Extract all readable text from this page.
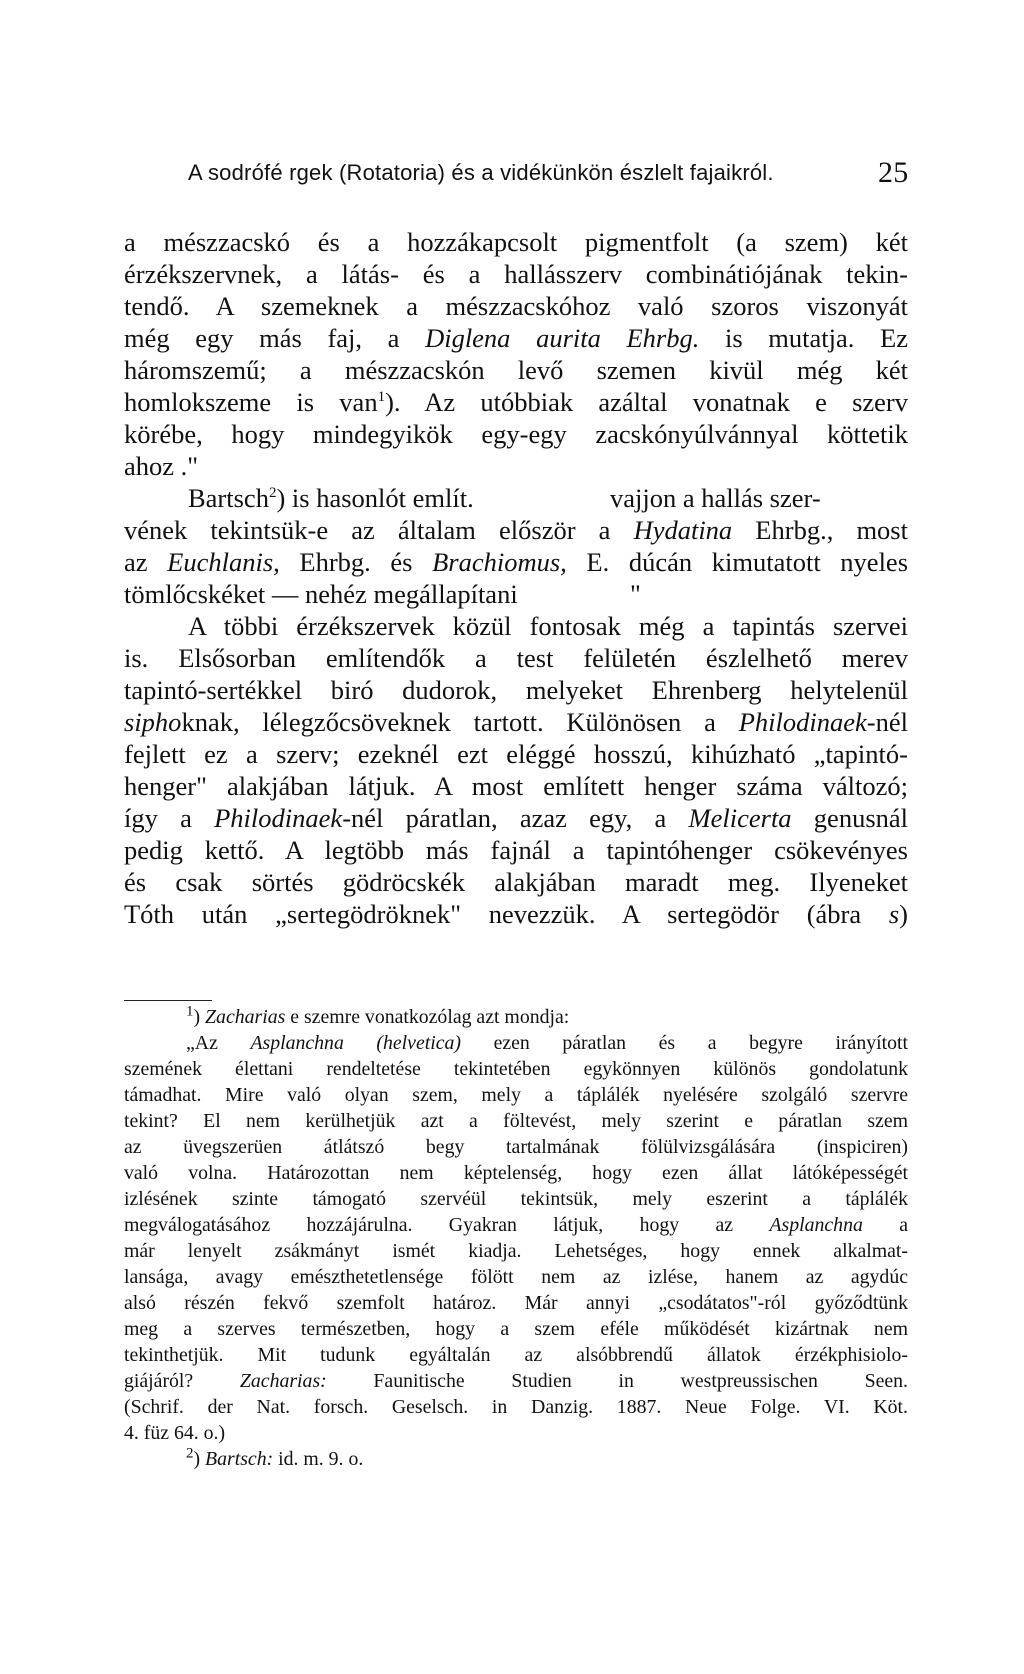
A sodrófé rgek (Rotatoria) és a vidékünkön észlelt fajaikról.	25
a mészzacskó és a hozzákapcsolt pigmentfolt (a szem) két
érzékszervnek, a látás- és a hallásszerv combinátiójának tekin-
tendő. A szemeknek a mészzacskóhoz való szoros viszonyát
még egy más faj, a Diglena aurita Ehrbg. is mutatja. Ez
háromszemű; a mészzacskón levő szemen kivül még két
homlokszeme is van$^1$). Az utóbbiak azáltal vonatnak e szerv
körébe, hogy mindegyikök egy-egy zacskónyúlvánnyal köttetik
ahoz ."
Bartsch$^2$) is hasonlót említ.	vajjon a hallás szer-
vének tekintsük-e az általam először a Hydatina Ehrbg., most
az Euchlanis, Ehrbg. és Brachiomus, E. dúcán kimutatott nyeles
tömlőcskéket — nehéz megállapítani	"
A többi érzékszervek közül fontosak még a tapintás szervei
is. Elsősorban említendők a test felületén észlelhető merev
tapintó-sertékkel biró dudorok, melyeket Ehrenberg helytelenül
siphoknak, lélegzőcsöveknek tartott. Különösen a Philodinaek-nél
fejlett ez a szerv; ezeknél ezt eléggé hosszú, kihúzható „tapintó-
henger" alakjában látjuk. A most említett henger száma változó;
így a Philodinaek-nél páratlan, azaz egy, a Melicerta genusnál
pedig kettő. A legtöbb más fajnál a tapintóhenger csökevényes
és csak sörtés gödröcskék alakjában maradt meg. Ilyeneket
Tóth után „sertegödröknek" nevezzük. A sertegödör (ábra s)
$^1$) Zacharias e szemre vonatkozólag azt mondja:
„Az Asplanchna (helvetica) ezen páratlan és a begyre irányított
szemének élettani rendeltetése tekintetében egykönnyen különös gondolatunk
támadhat. Mire való olyan szem, mely a táplálék nyelésére szolgáló szervre
tekint? El nem kerülhetjük azt a föltevést, mely szerint e páratlan szem
az üvegszerüen átlátszó begy tartalmának fölülvizsgálására (inspiciren)
való volna. Határozottan nem képtelenség, hogy ezen állat látóképességét
izlésének szinte támogató szervéül tekintsük, mely eszerint a táplálék
megválogatásához hozzájárulna. Gyakran látjuk, hogy az Asplanchna a
már lenyelt zsákmányt ismét kiadja. Lehetséges, hogy ennek alkalmat-
lansága, avagy emészthetetlensége fölött nem az izlése, hanem az agydúc
alsó részén fekvő szemfolt határoz. Már annyi „csodátatos"-ról győződtünk
meg a szerves természetben, hogy a szem eféle működését kizártnak nem
tekinthetjük. Mit tudunk egyáltalán az alsóbbrendű állatok érzékphisiolo-
giájáról? Zacharias: Faunitische Studien in westpreussischen Seen.
(Schrif. der Nat. forsch. Geselsch. in Danzig. 1887. Neue Folge. VI. Köt.
4. füz 64. o.)
$^2$) Bartsch: id. m. 9. o.
